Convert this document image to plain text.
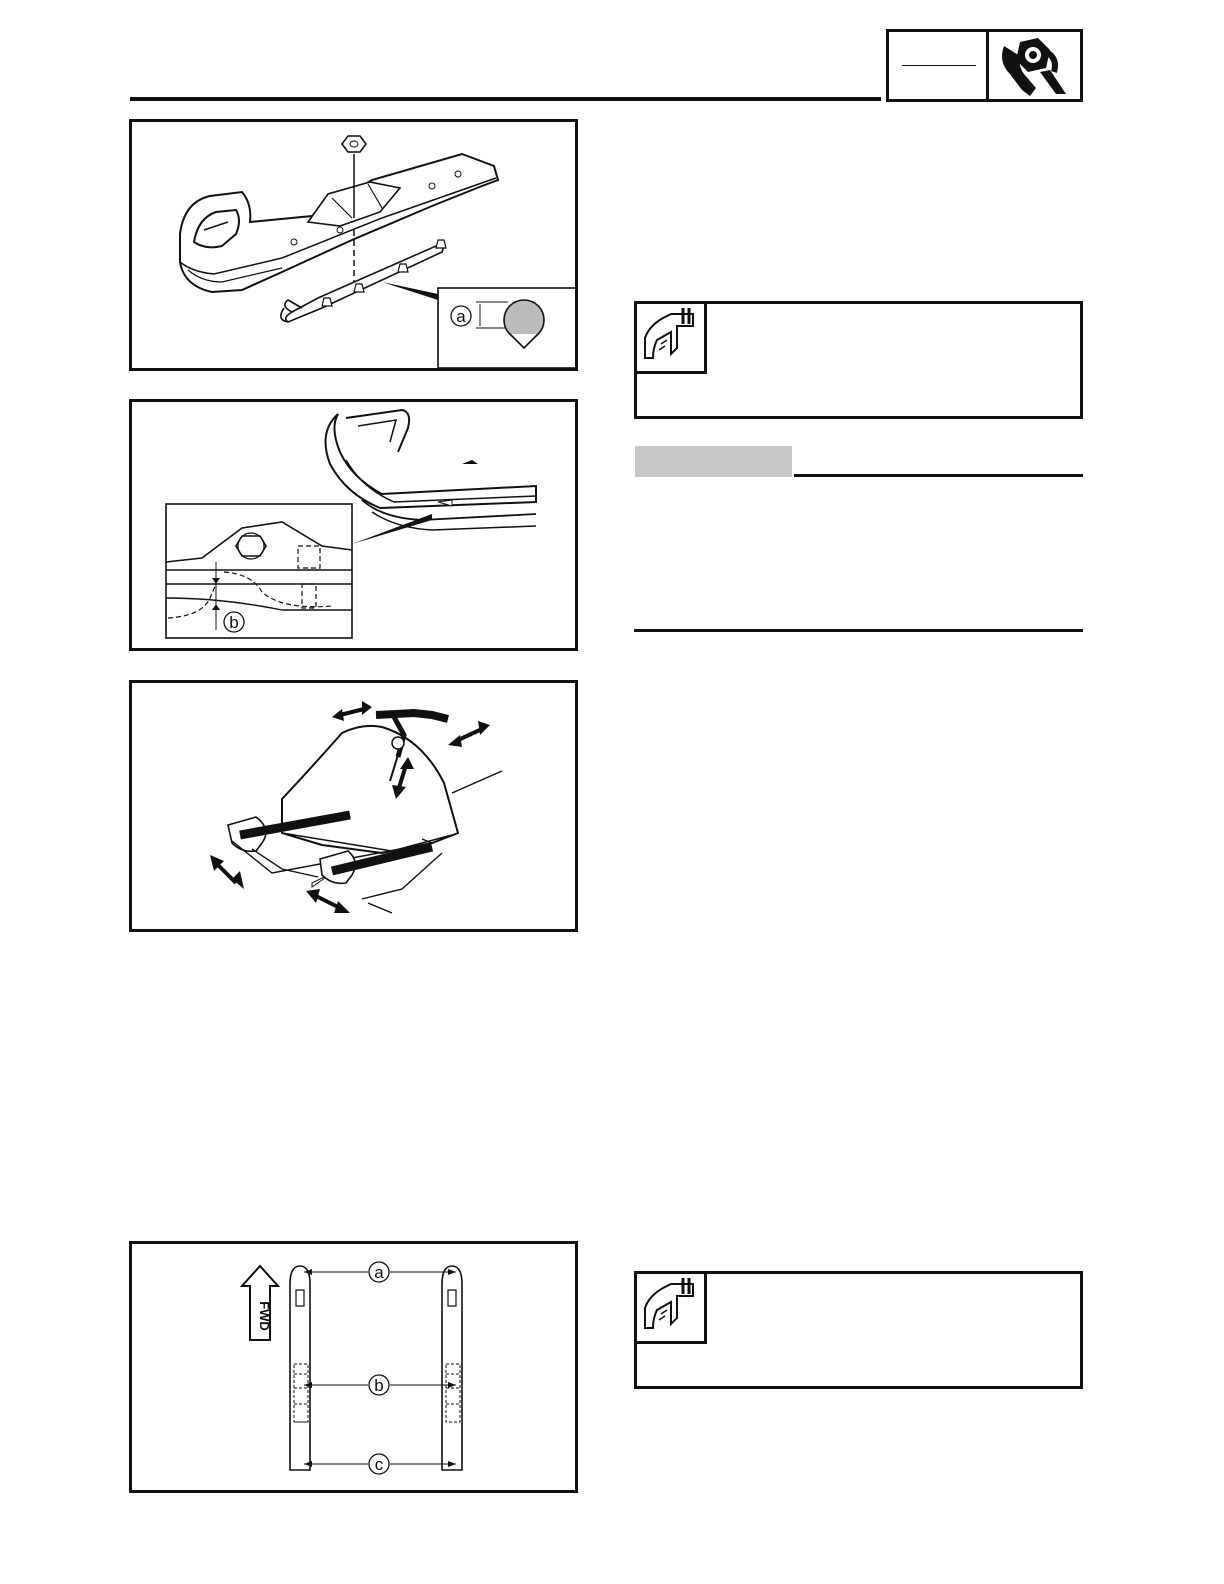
a
b
FWD
a
b
c
